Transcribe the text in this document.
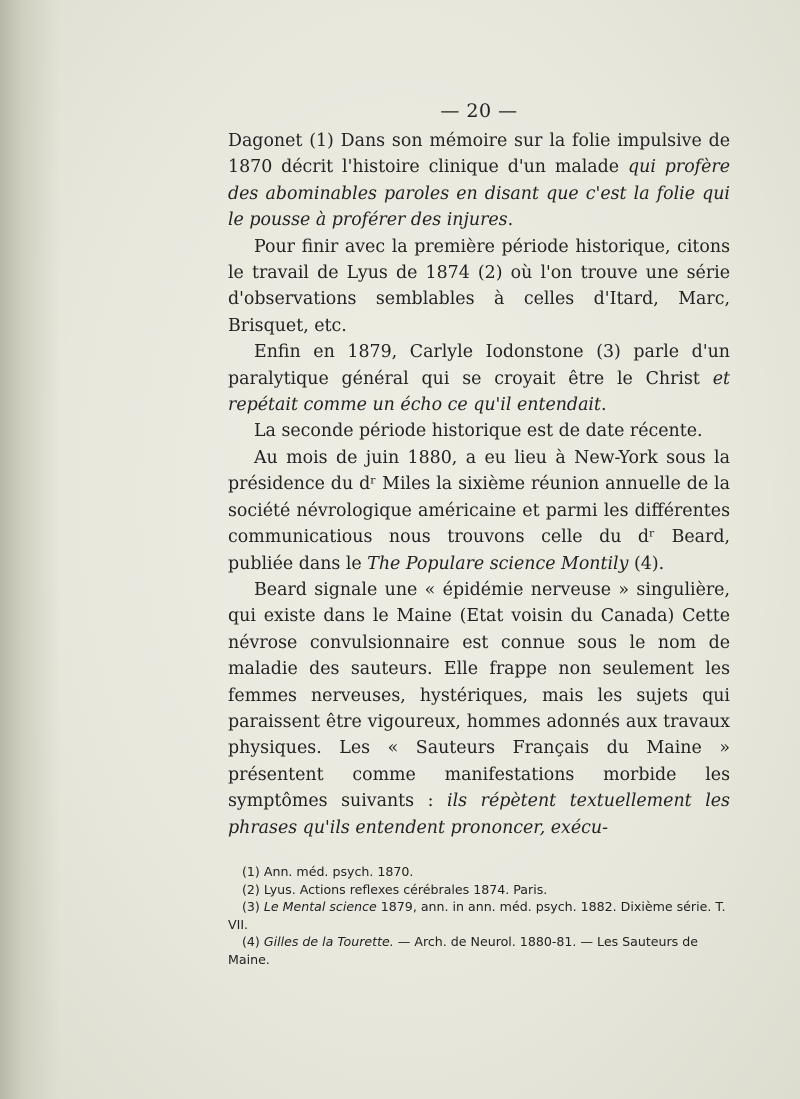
— 20 —

Dagonet (1) Dans son mémoire sur la folie impulsive de 1870 décrit l'histoire clinique d'un malade qui profère des abominables paroles en disant que c'est la folie qui le pousse à proférer des injures.

Pour finir avec la première période historique, citons le travail de Lyus de 1874 (2) où l'on trouve une série d'observations semblables à celles d'Itard, Marc, Brisquet, etc.

Enfin en 1879, Carlyle Iodonstone (3) parle d'un paralytique général qui se croyait être le Christ et repétait comme un écho ce qu'il entendait.

La seconde période historique est de date récente.

Au mois de juin 1880, a eu lieu à New-York sous la présidence du dʳ Miles la sixième réunion annuelle de la société névrologique américaine et parmi les différentes communicatious nous trouvons celle du dʳ Beard, publiée dans le The Populare science Montily (4).

Beard signale une « épidémie nerveuse » singulière, qui existe dans le Maine (Etat voisin du Canada) Cette névrose convulsionnaire est connue sous le nom de maladie des sauteurs. Elle frappe non seulement les femmes nerveuses, hystériques, mais les sujets qui paraissent être vigoureux, hommes adonnés aux travaux physiques. Les « Sauteurs Français du Maine » présentent comme manifestations morbide les symptômes suivants : ils répètent textuellement les phrases qu'ils entendent prononcer, exécu-

(1) Ann. méd. psych. 1870.

(2) Lyus. Actions reflexes cérébrales 1874. Paris.

(3) Le Mental science 1879, ann. in ann. méd. psych. 1882. Dixième série. T. VII.

(4) Gilles de la Tourette. — Arch. de Neurol. 1880-81. — Les Sauteurs de Maine.
